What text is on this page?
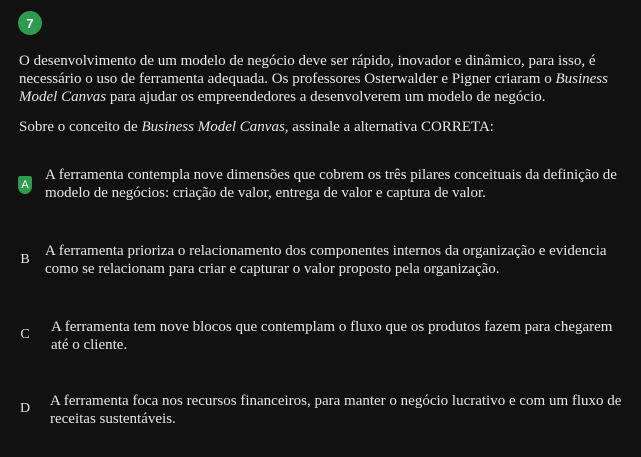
7

O desenvolvimento de um modelo de negócio deve ser rápido, inovador e dinâmico, para isso, é necessário o uso de ferramenta adequada. Os professores Osterwalder e Pigner criaram o Business Model Canvas para ajudar os empreendedores a desenvolverem um modelo de negócio.

Sobre o conceito de Business Model Canvas, assinale a alternativa CORRETA:

A
A ferramenta contempla nove dimensões que cobrem os três pilares conceituais da definição de modelo de negócios: criação de valor, entrega de valor e captura de valor.
B
A ferramenta prioriza o relacionamento dos componentes internos da organização e evidencia como se relacionam para criar e capturar o valor proposto pela organização.
C A ferramenta tem nove blocos que contemplam o fluxo que os produtos fazem para chegarem até o cliente.
D A ferramenta foca nos recursos financeiros, para manter o negócio lucrativo e com um fluxo de receitas sustentáveis.
